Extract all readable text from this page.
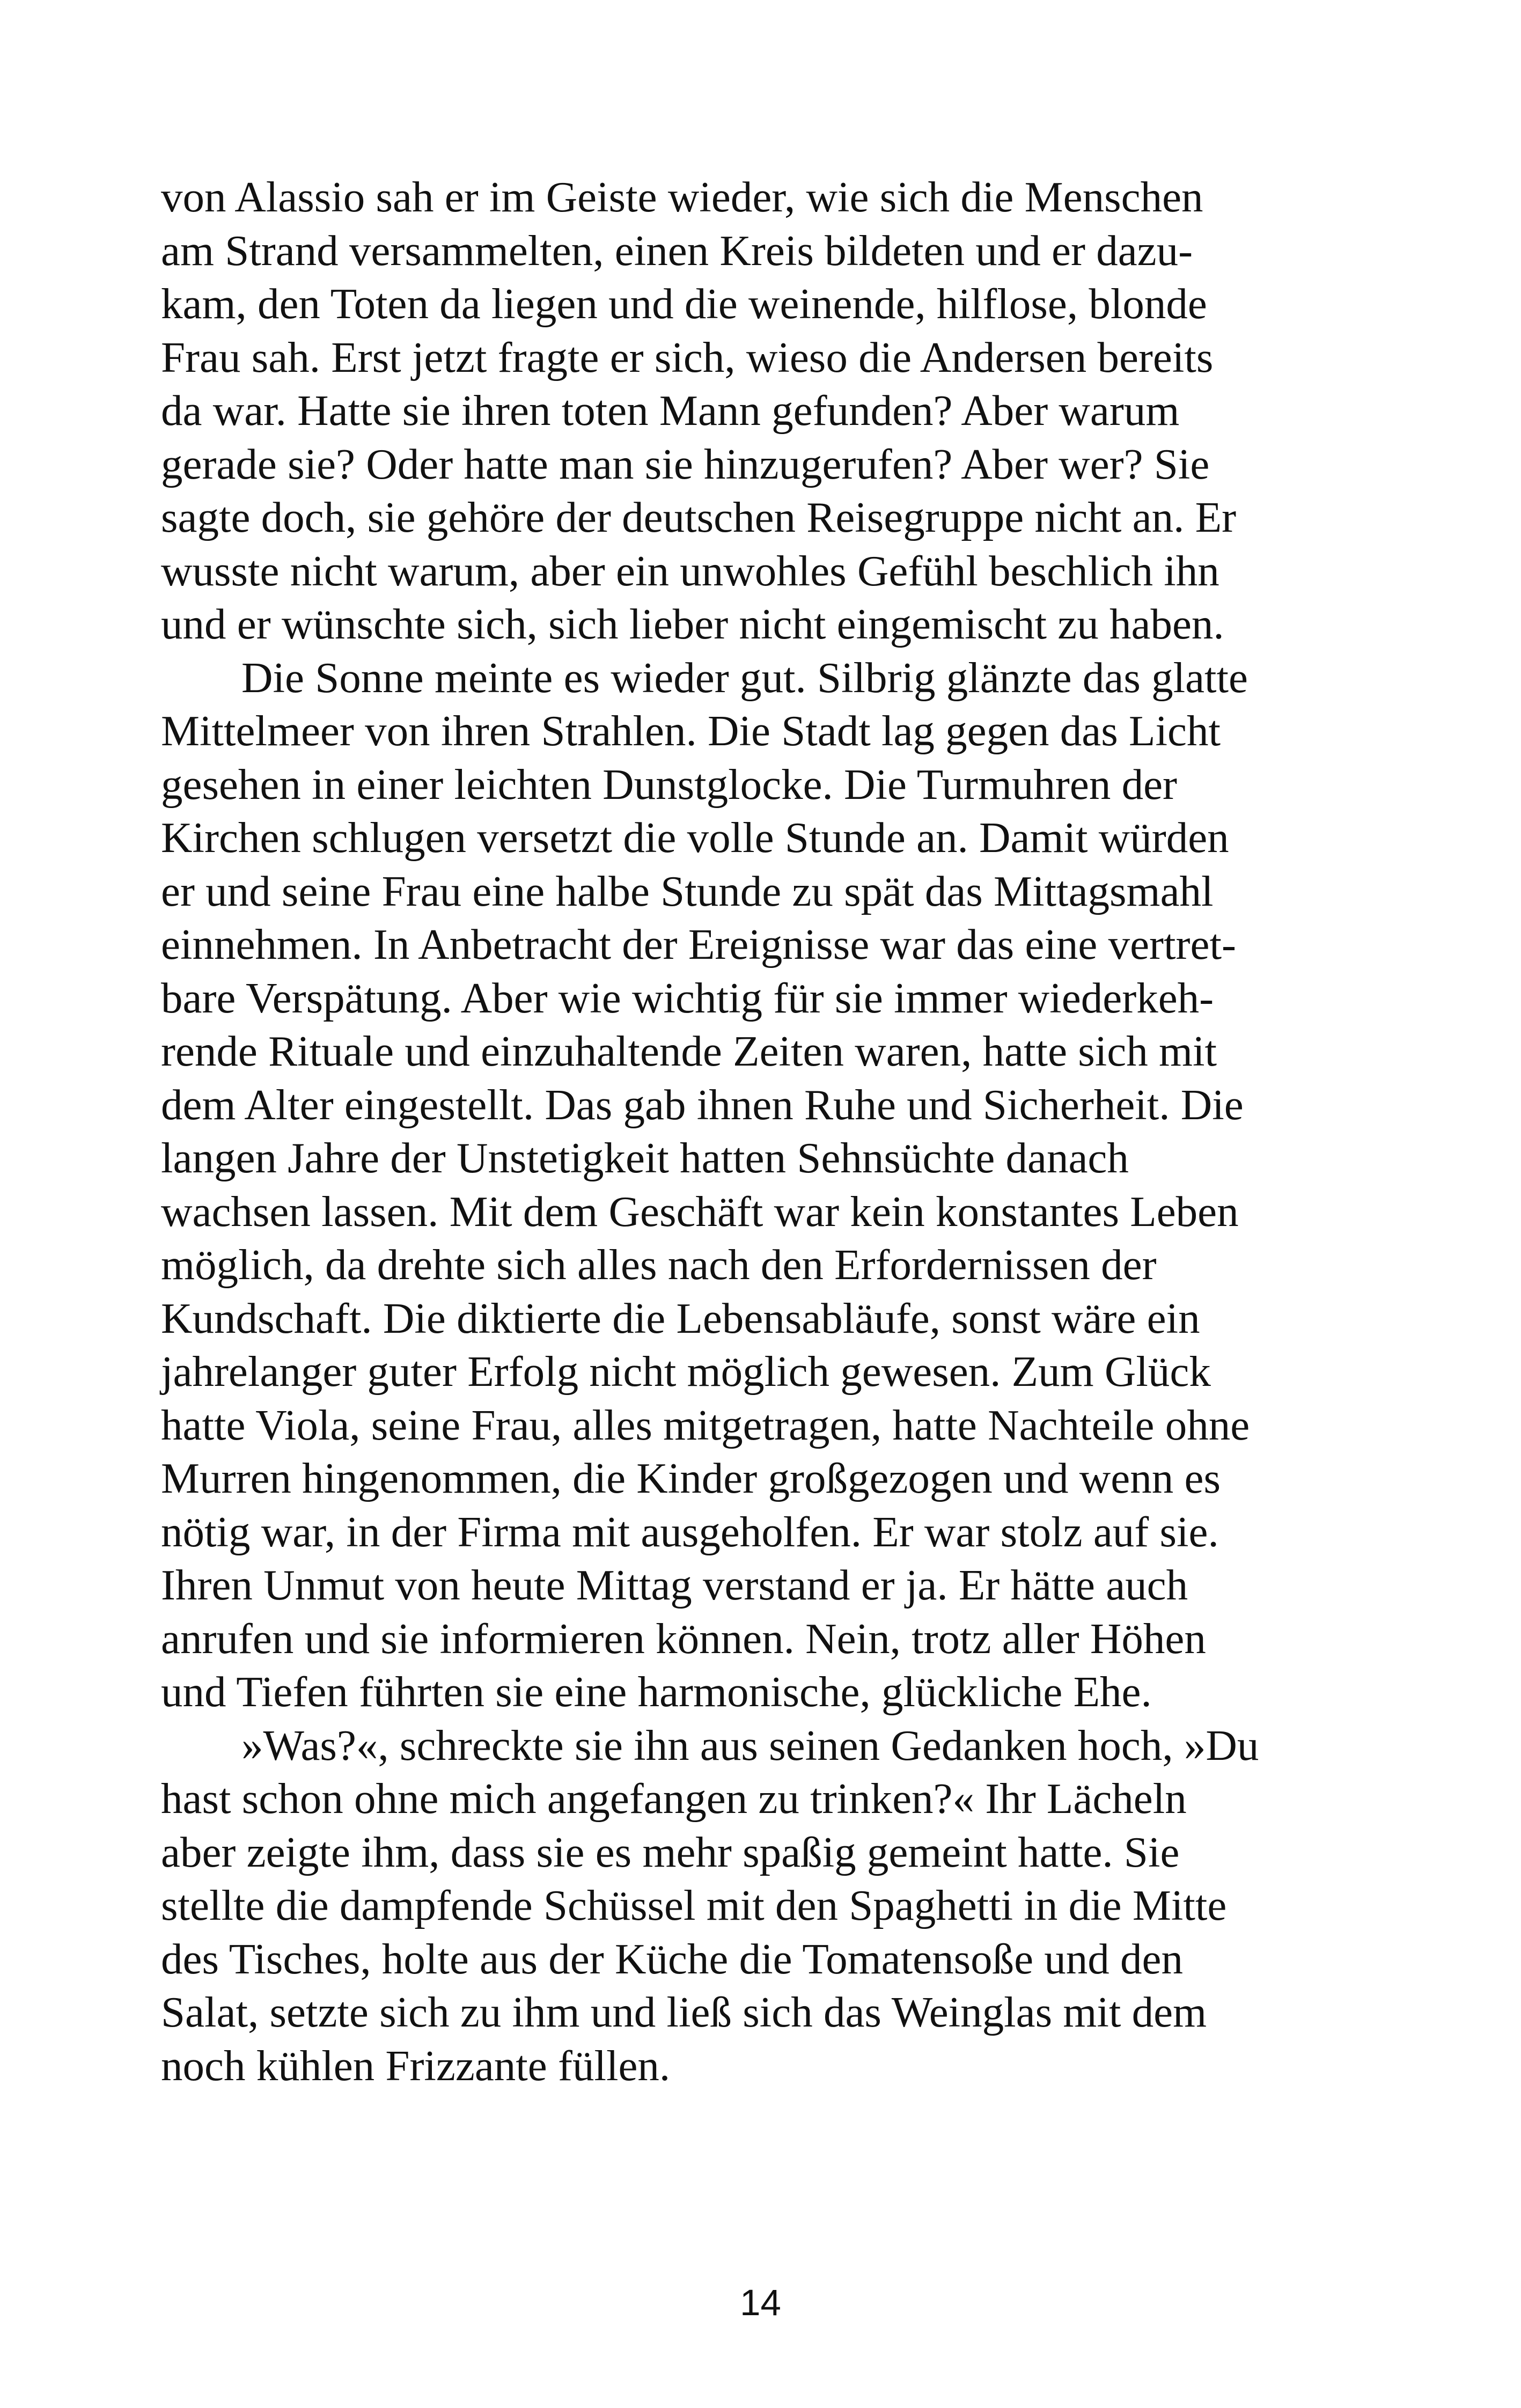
von Alassio sah er im Geiste wieder, wie sich die Menschen
am Strand versammelten, einen Kreis bildeten und er dazu-
kam, den Toten da liegen und die weinende, hilflose, blonde
Frau sah. Erst jetzt fragte er sich, wieso die Andersen bereits
da war. Hatte sie ihren toten Mann gefunden? Aber warum
gerade sie? Oder hatte man sie hinzugerufen? Aber wer? Sie
sagte doch, sie gehöre der deutschen Reisegruppe nicht an. Er
wusste nicht warum, aber ein unwohles Gefühl beschlich ihn
und er wünschte sich, sich lieber nicht eingemischt zu haben.

Die Sonne meinte es wieder gut. Silbrig glänzte das glatte
Mittelmeer von ihren Strahlen. Die Stadt lag gegen das Licht
gesehen in einer leichten Dunstglocke. Die Turmuhren der
Kirchen schlugen versetzt die volle Stunde an. Damit würden
er und seine Frau eine halbe Stunde zu spät das Mittagsmahl
einnehmen. In Anbetracht der Ereignisse war das eine vertret-
bare Verspätung. Aber wie wichtig für sie immer wiederkeh-
rende Rituale und einzuhaltende Zeiten waren, hatte sich mit
dem Alter eingestellt. Das gab ihnen Ruhe und Sicherheit. Die
langen Jahre der Unstetigkeit hatten Sehnsüchte danach
wachsen lassen. Mit dem Geschäft war kein konstantes Leben
möglich, da drehte sich alles nach den Erfordernissen der
Kundschaft. Die diktierte die Lebensabläufe, sonst wäre ein
jahrelanger guter Erfolg nicht möglich gewesen. Zum Glück
hatte Viola, seine Frau, alles mitgetragen, hatte Nachteile ohne
Murren hingenommen, die Kinder großgezogen und wenn es
nötig war, in der Firma mit ausgeholfen. Er war stolz auf sie.
Ihren Unmut von heute Mittag verstand er ja. Er hätte auch
anrufen und sie informieren können. Nein, trotz aller Höhen
und Tiefen führten sie eine harmonische, glückliche Ehe.

»Was?«, schreckte sie ihn aus seinen Gedanken hoch, »Du
hast schon ohne mich angefangen zu trinken?« Ihr Lächeln
aber zeigte ihm, dass sie es mehr spaßig gemeint hatte. Sie
stellte die dampfende Schüssel mit den Spaghetti in die Mitte
des Tisches, holte aus der Küche die Tomatensoße und den
Salat, setzte sich zu ihm und ließ sich das Weinglas mit dem
noch kühlen Frizzante füllen.

14
